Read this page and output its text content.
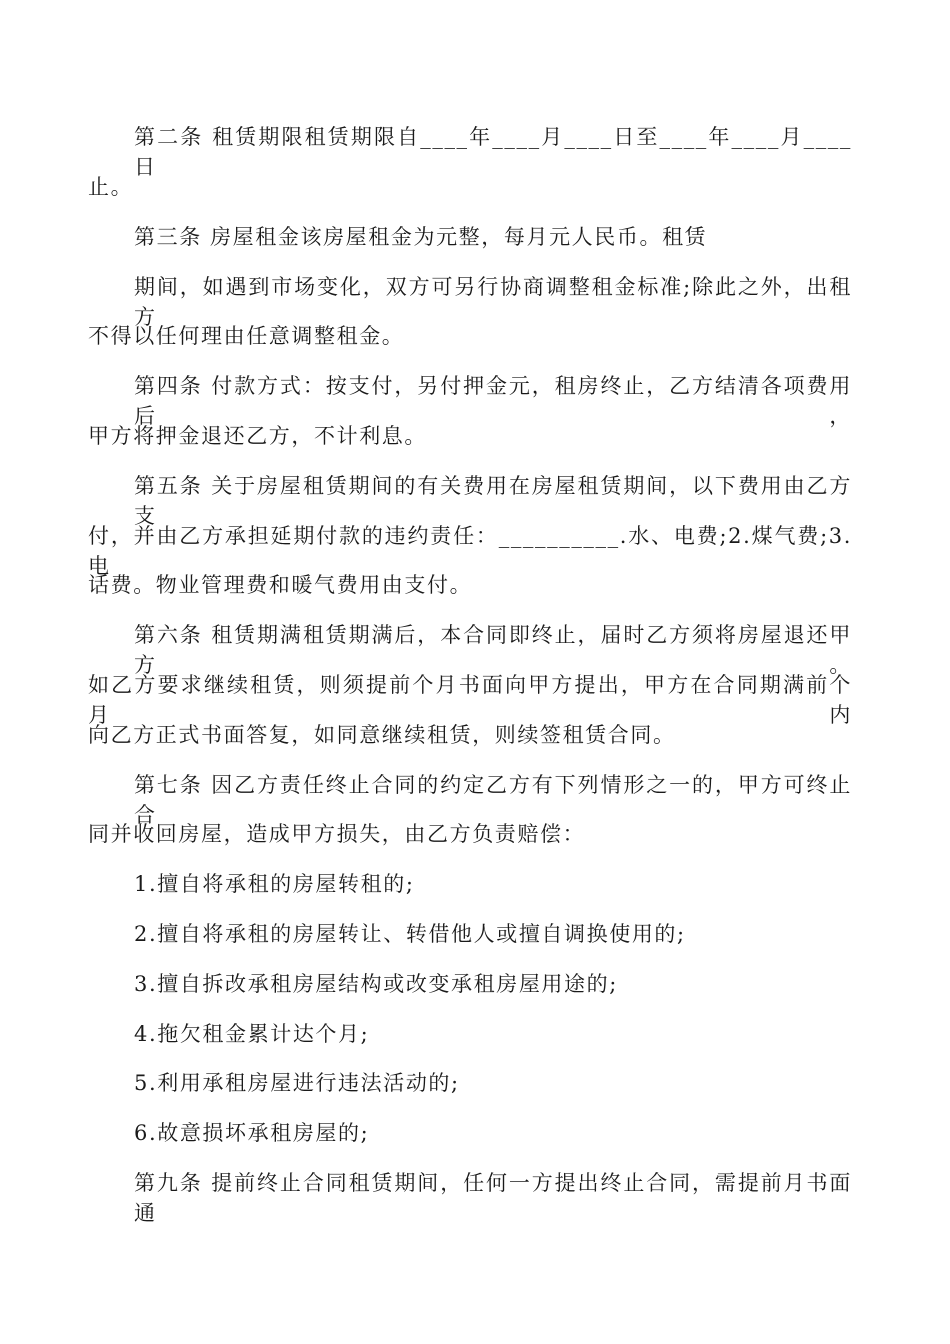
第二条 租赁期限租赁期限自____年____月____日至____年____月____日
止。
第三条 房屋租金该房屋租金为元整，每月元人民币。租赁
期间，如遇到市场变化，双方可另行协商调整租金标准;除此之外，出租方
不得以任何理由任意调整租金。
第四条 付款方式：按支付，另付押金元，租房终止，乙方结清各项费用后，
甲方将押金退还乙方，不计利息。
第五条 关于房屋租赁期间的有关费用在房屋租赁期间，以下费用由乙方支
付，并由乙方承担延期付款的违约责任：__________.水、电费;2.煤气费;3.电
话费。物业管理费和暖气费用由支付。
第六条 租赁期满租赁期满后，本合同即终止，届时乙方须将房屋退还甲方。
如乙方要求继续租赁，则须提前个月书面向甲方提出，甲方在合同期满前个月内
向乙方正式书面答复，如同意继续租赁，则续签租赁合同。
第七条 因乙方责任终止合同的约定乙方有下列情形之一的，甲方可终止合
同并收回房屋，造成甲方损失，由乙方负责赔偿：
1.擅自将承租的房屋转租的;
2.擅自将承租的房屋转让、转借他人或擅自调换使用的;
3.擅自拆改承租房屋结构或改变承租房屋用途的;
4.拖欠租金累计达个月;
5.利用承租房屋进行违法活动的;
6.故意损坏承租房屋的;
第九条 提前终止合同租赁期间，任何一方提出终止合同，需提前月书面通
